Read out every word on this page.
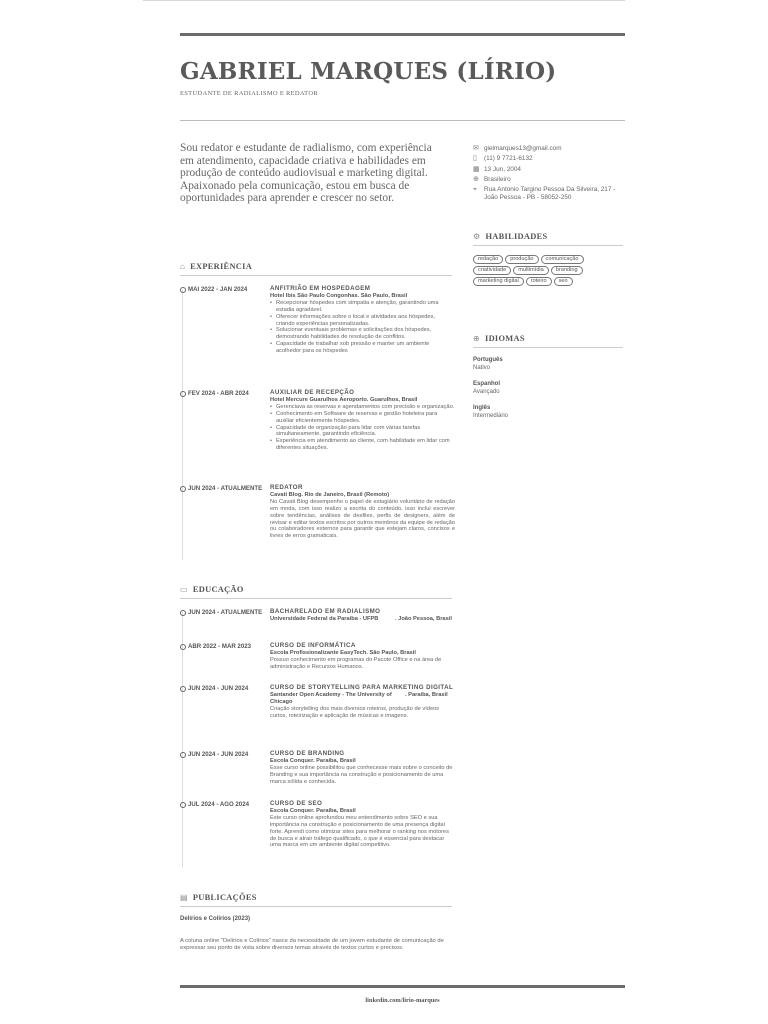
GABRIEL MARQUES (LÍRIO)
ESTUDANTE DE RADIALISMO E REDATOR

Sou redator e estudante de radialismo, com experiência em atendimento, capacidade criativa e habilidades em produção de conteúdo audiovisual e marketing digital. Apaixonado pela comunicação, estou em busca de oportunidades para aprender e crescer no setor.

✉ gielmarques13@gmail.com
▯	(11) 9 7721-6132
▦ 13 Jun, 2004
⊕ Brasileiro
⌖	Rua Antonio Targino Pessoa Da Silveira, 217 - João Pessoa - PB - 58052-250
⚙ HABILIDADES
redação	produção	comunicação
criatividade	multimídia	branding
marketing digital	roteiro	seo
⊕ IDIOMAS
Português
Nativo
Espanhol
Avançado
Inglês
Intermediário
⌂ EXPERIÊNCIA
MAI 2022 - JAN 2024	ANFITRIÃO EM HOSPEDAGEM
Hotel Ibis São Paulo Congonhas. São Paulo, Brasil
• Recepcionar hóspedes com simpatia e atenção, garantindo uma estadia agradável.
• Oferecer informações sobre o local e atividades aos hóspedes, criando experiências personalizadas.
• Solucionar eventuais problemas e solicitações dos hóspedes, demostrando habilidades de resolução de conflitos.
• Capacidade de trabalhar sob pressão e manter um ambiente acolhedor para os hóspedes
FEV 2024 - ABR 2024	AUXILIAR DE RECEPÇÃO
Hotel Mercure Guarulhos Aeroporto. Guarulhos, Brasil
• Gerenciava as reservas e agendamentos com precisão e organização.
• Conhecimento em Software de reservas e gestão hoteleira para auxiliar eficientemente hóspedes.
• Capacidade de organização para lidar com várias tarefas simultaneamente, garantindo eficiência.
• Experiência em atendimento ao cliente, com habilidade em lidar com diferentes situações.
JUN 2024 - ATUALMENTE	REDATOR
Cavati Blog. Rio de Janeiro, Brasil (Remoto)
No Cavati Blog desempenho o papel de estagiário voluntário de redação em moda, com isso realizo a escrita do conteúdo, isso inclui escrever sobre tendências, análises de desfiles, perfis de designers, além de revisar e editar textos escritos por outros membros da equipe de redação ou colaboradores externos para garantir que estejam claros, concisos e livres de erros gramaticais.
▭ EDUCAÇÃO
JUN 2024 - ATUALMENTE	BACHARELADO EM RADIALISMO
Universidade Federal da Paraíba - UFPB	. João Pessoa, Brasil
ABR 2022 - MAR 2023	CURSO DE INFORMÁTICA
Escola Profissionalizante EasyTech. São Paulo, Brasil
Possuo conhecimento em programas do Pacote Office e na área de administração e Recursos Humanos.
JUN 2024 - JUN 2024	CURSO DE STORYTELLING PARA MARKETING DIGITAL
Santander Open Academy - The University of Chicago
. Paraíba, Brasil
Criação storytelling dos mais diversos roteiros, produção de vídeos curtos, roteirização e aplicação de músicas e imagens.
JUN 2024 - JUN 2024	CURSO DE BRANDING
Escola Conquer. Paraíba, Brasil
Esse curso online possibilitou que conhecesse mais sobre o conceito de Branding e sua importância na construção e posicionamento de uma marca sólida e conhecida.
JUL 2024 - AGO 2024	CURSO DE SEO
Escola Conquer. Paraíba, Brasil
Este curso online aprofundou meu entendimento sobre SEO e sua importância na construção e posicionamento de uma presença digital forte. Aprendi como otimizar sites para melhorar o ranking nos motores de busca e atrair tráfego qualificado, o que é essencial para destacar uma marca em um ambiente digital competitivo.
▤ PUBLICAÇÕES
Delírios e Colírios (2023)

A coluna online "Delírios e Colírios" nasce da necessidade de um jovem estudante de comunicação de expressar seu ponto de vista sobre diversos temas através de textos curtos e precisos.

linkedin.com/lirio-marques
